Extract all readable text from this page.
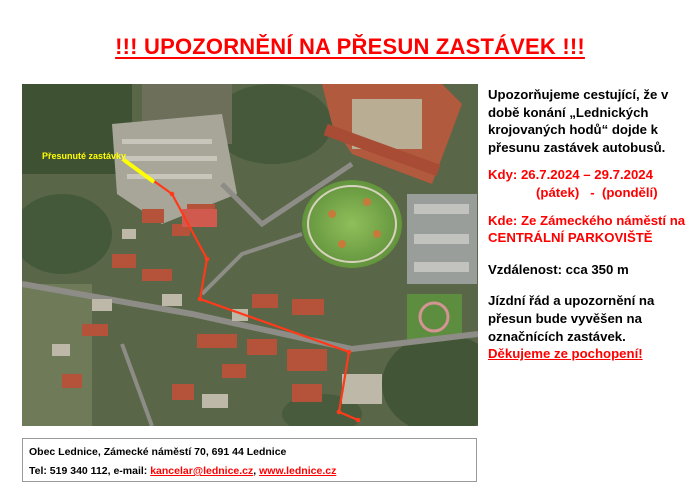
!!! UPOZORNĚNÍ NA PŘESUN ZASTÁVEK !!!
Přesunuté zastávky

Upozorňujeme cestující, že v době konání „Lednických krojovaných hodů“ dojde k přesunu zastávek autobusů.

Kdy: 26.7.2024 – 29.7.2024

(pátek)   -  (pondělí)

Kde: Ze Zámeckého náměstí na CENTRÁLNÍ PARKOVIŠTĚ

Vzdálenost: cca 350 m

Jízdní řád a upozornění na přesun bude vyvěšen na označnících zastávek.

Děkujeme ze pochopení!

Obec Lednice, Zámecké náměstí 70, 691 44 Lednice
Tel: 519 340 112, e-mail: kancelar@lednice.cz, www.lednice.cz
